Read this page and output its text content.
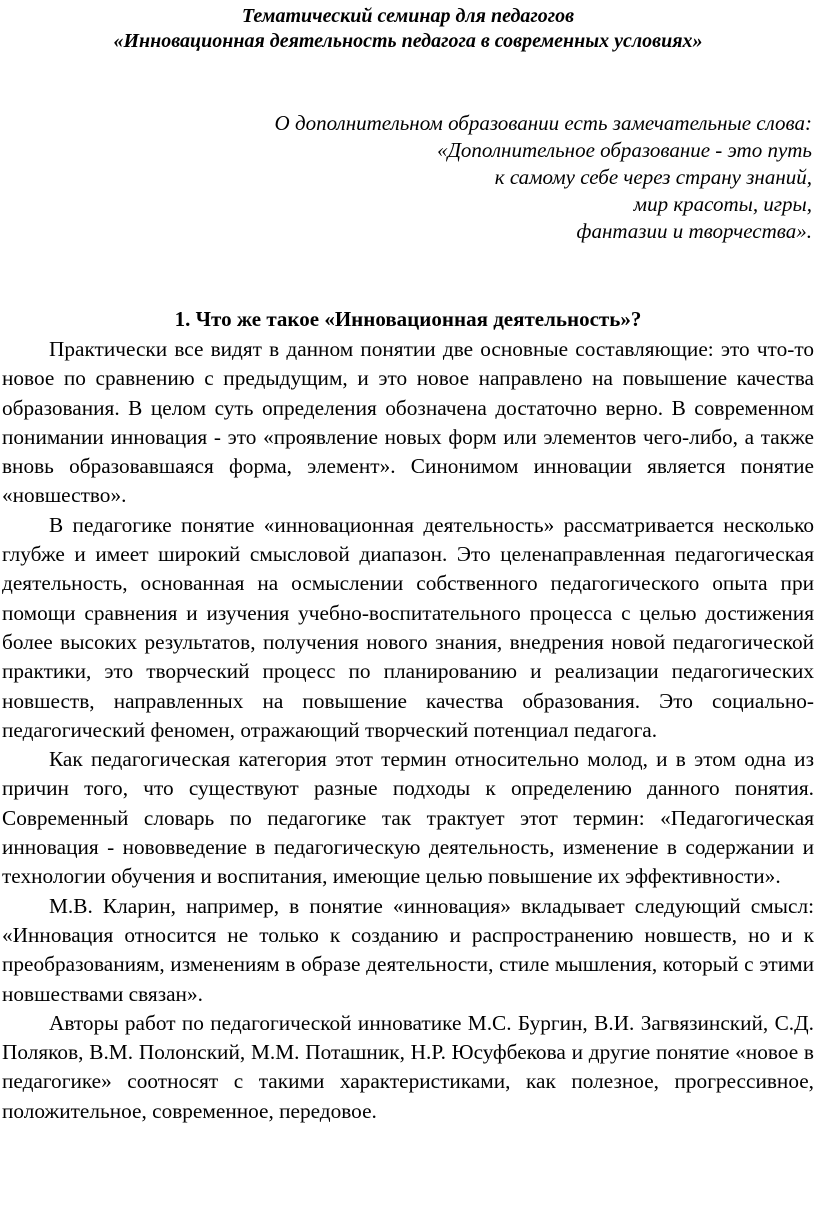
Тематический семинар для педагогов
«Инновационная деятельность педагога в современных условиях»
О дополнительном образовании есть замечательные слова:
«Дополнительное образование - это путь
к самому себе через страну знаний,
мир красоты, игры,
фантазии и творчества».
1. Что же такое «Инновационная деятельность»?

Практически все видят в данном понятии две основные составляющие: это что-то новое по сравнению с предыдущим, и это новое направлено на повышение качества образования. В целом суть определения обозначена достаточно верно. В современном понимании инновация - это «проявление новых форм или элементов чего-либо, а также вновь образовавшаяся форма, элемент». Синонимом инновации является понятие «новшество».

В педагогике понятие «инновационная деятельность» рассматривается несколько глубже и имеет широкий смысловой диапазон. Это целенаправленная педагогическая деятельность, основанная на осмыслении собственного педагогического опыта при помощи сравнения и изучения учебно-воспитательного процесса с целью достижения более высоких результатов, получения нового знания, внедрения новой педагогической практики, это творческий процесс по планированию и реализации педагогических новшеств, направленных на повышение качества образования. Это социально-педагогический феномен, отражающий творческий потенциал педагога.

Как педагогическая категория этот термин относительно молод, и в этом одна из причин того, что существуют разные подходы к определению данного понятия. Современный словарь по педагогике так трактует этот термин: «Педагогическая инновация - нововведение в педагогическую деятельность, изменение в содержании и технологии обучения и воспитания, имеющие целью повышение их эффективности».

М.В. Кларин, например, в понятие «инновация» вкладывает следующий смысл: «Инновация относится не только к созданию и распространению новшеств, но и к преобразованиям, изменениям в образе деятельности, стиле мышления, который с этими новшествами связан».

Авторы работ по педагогической инноватике М.С. Бургин, В.И. Загвязинский, С.Д. Поляков, В.М. Полонский, М.М. Поташник, Н.Р. Юсуфбекова и другие понятие «новое в педагогике» соотносят с такими характеристиками, как полезное, прогрессивное, положительное, современное, передовое.
